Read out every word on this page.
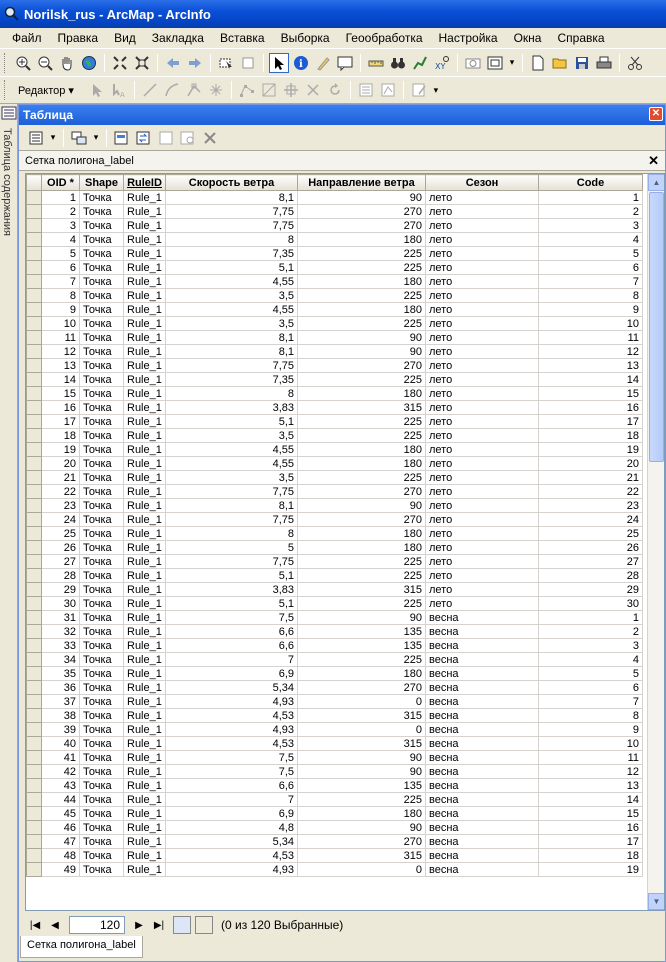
Norilsk_rus - ArcMap - ArcInfo
Файл	Правка	Вид	Закладка	Вставка	Выборка	Геообработка	Настройка	Окна	Справка
i	XY	▾
Редактор ▾	A
▾
Таблица содержания
Таблица	✕
▾	▾
Сетка полигона_label	✕
	OID *	Shape	RuleID	Скорость ветра	Направление ветра	Сезон	Code
	1	Точка	Rule_1	8,1	90	лето	1
	2	Точка	Rule_1	7,75	270	лето	2
	3	Точка	Rule_1	7,75	270	лето	3
	4	Точка	Rule_1	8	180	лето	4
	5	Точка	Rule_1	7,35	225	лето	5
	6	Точка	Rule_1	5,1	225	лето	6
	7	Точка	Rule_1	4,55	180	лето	7
	8	Точка	Rule_1	3,5	225	лето	8
	9	Точка	Rule_1	4,55	180	лето	9
	10	Точка	Rule_1	3,5	225	лето	10
	11	Точка	Rule_1	8,1	90	лето	11
	12	Точка	Rule_1	8,1	90	лето	12
	13	Точка	Rule_1	7,75	270	лето	13
	14	Точка	Rule_1	7,35	225	лето	14
	15	Точка	Rule_1	8	180	лето	15
	16	Точка	Rule_1	3,83	315	лето	16
	17	Точка	Rule_1	5,1	225	лето	17
	18	Точка	Rule_1	3,5	225	лето	18
	19	Точка	Rule_1	4,55	180	лето	19
	20	Точка	Rule_1	4,55	180	лето	20
	21	Точка	Rule_1	3,5	225	лето	21
	22	Точка	Rule_1	7,75	270	лето	22
	23	Точка	Rule_1	8,1	90	лето	23
	24	Точка	Rule_1	7,75	270	лето	24
	25	Точка	Rule_1	8	180	лето	25
	26	Точка	Rule_1	5	180	лето	26
	27	Точка	Rule_1	7,75	225	лето	27
	28	Точка	Rule_1	5,1	225	лето	28
	29	Точка	Rule_1	3,83	315	лето	29
	30	Точка	Rule_1	5,1	225	лето	30
	31	Точка	Rule_1	7,5	90	весна	1
	32	Точка	Rule_1	6,6	135	весна	2
	33	Точка	Rule_1	6,6	135	весна	3
	34	Точка	Rule_1	7	225	весна	4
	35	Точка	Rule_1	6,9	180	весна	5
	36	Точка	Rule_1	5,34	270	весна	6
	37	Точка	Rule_1	4,93	0	весна	7
	38	Точка	Rule_1	4,53	315	весна	8
	39	Точка	Rule_1	4,93	0	весна	9
	40	Точка	Rule_1	4,53	315	весна	10
	41	Точка	Rule_1	7,5	90	весна	11
	42	Точка	Rule_1	7,5	90	весна	12
	43	Точка	Rule_1	6,6	135	весна	13
	44	Точка	Rule_1	7	225	весна	14
	45	Точка	Rule_1	6,9	180	весна	15
	46	Точка	Rule_1	4,8	90	весна	16
	47	Точка	Rule_1	5,34	270	весна	17
	48	Точка	Rule_1	4,53	315	весна	18
	49	Точка	Rule_1	4,93	0	весна	19
▲
▼
|◀	◀	120	▶	▶|	(0 из 120 Выбранные)
Сетка полигона_label
